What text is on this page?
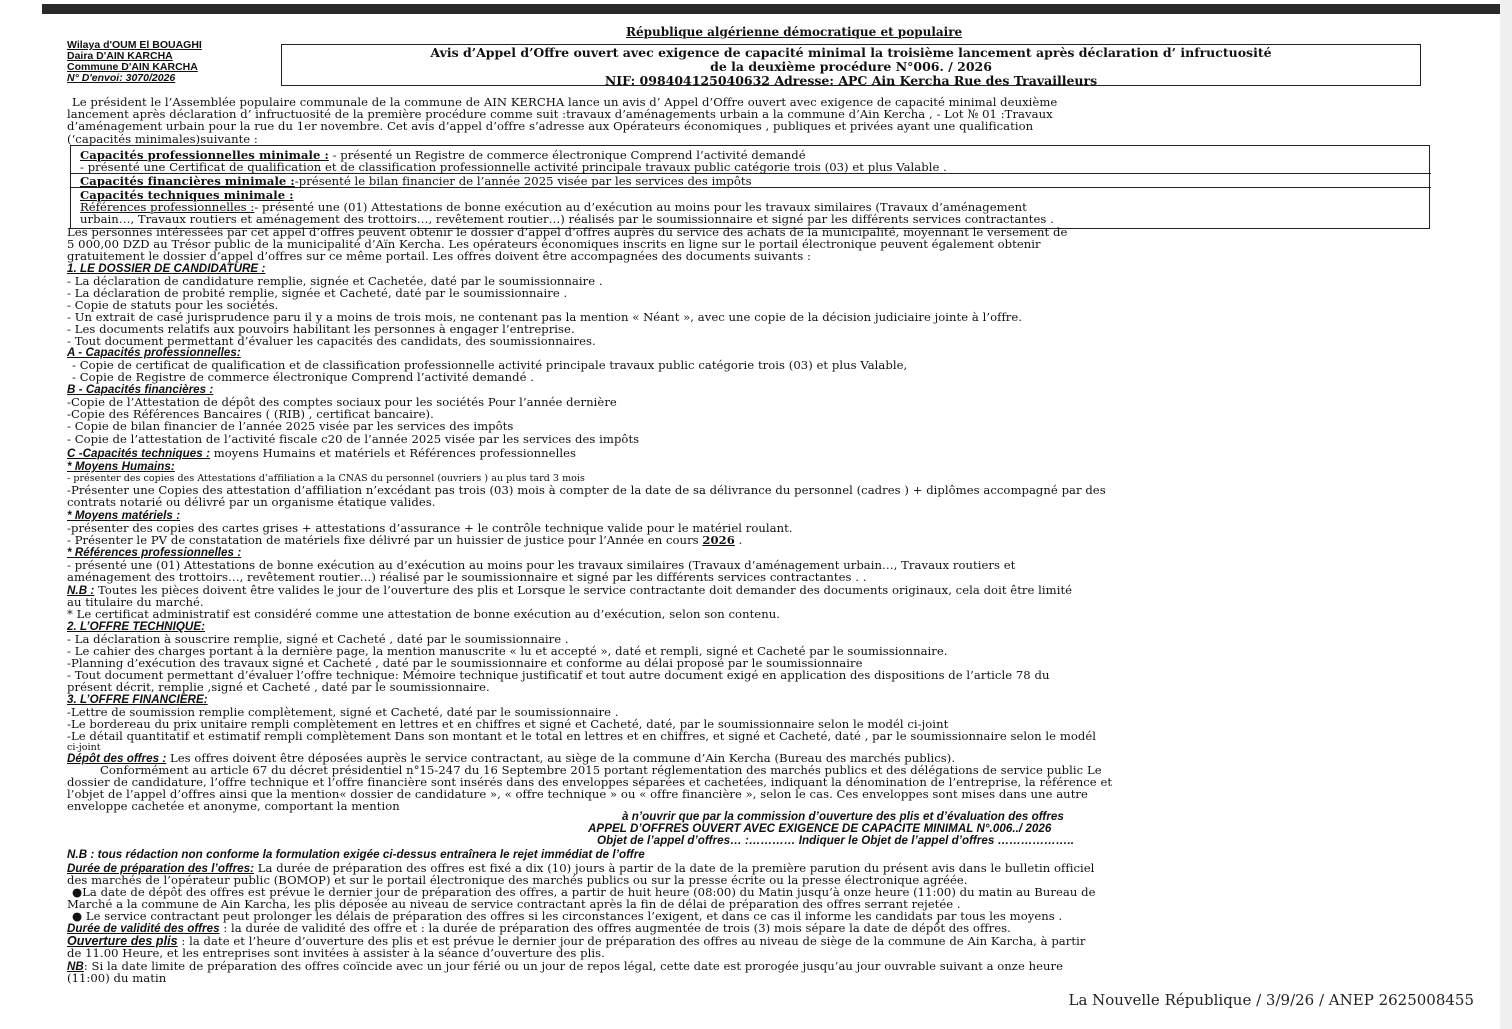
République algérienne démocratique et populaire
Wilaya d'OUM El BOUAGHI
Daira D'AIN KARCHA
Commune D'AIN KARCHA
N° D'envoi: 3070/2026
Avis d’Appel d’Offre ouvert avec exigence de capacité minimal la troisième lancement après déclaration d’ infructuosité
de la deuxième procédure N°006. / 2026
NIF: 098404125040632 Adresse: APC Ain Kercha Rue des Travailleurs
Le président le l’Assemblée populaire communale de la commune de AIN KERCHA lance un avis d’ Appel d’Offre ouvert avec exigence de capacité minimal deuxième
lancement après déclaration d’ infructuosité de la première procédure comme suit :travaux d’aménagements urbain a la commune d’Ain Kercha , - Lot № 01 :Travaux
d’aménagement urbain pour la rue du 1er novembre. Cet avis d’appel d’offre s’adresse aux Opérateurs économiques , publiques et privées ayant une qualification
(‘capacités minimales)suivante :
Capacités professionnelles minimale : - présenté un Registre de commerce électronique Comprend l’activité demandé
- présenté une Certificat de qualification et de classification professionnelle activité principale travaux public catégorie trois (03) et plus Valable .
Capacités financières minimale :-présenté le bilan financier de l’année 2025 visée par les services des impôts
Capacités techniques minimale :
Références professionnelles :- présenté une (01) Attestations de bonne exécution au d’exécution au moins pour les travaux similaires (Travaux d’aménagement
urbain…, Travaux routiers et aménagement des trottoirs…, revêtement routier…) réalisés par le soumissionnaire et signé par les différents services contractantes .
Les personnes intéressées par cet appel d’offres peuvent obtenir le dossier d’appel d’offres auprès du service des achats de la municipalité, moyennant le versement de
5 000,00 DZD au Trésor public de la municipalité d’Aïn Kercha. Les opérateurs économiques inscrits en ligne sur le portail électronique peuvent également obtenir
gratuitement le dossier d’appel d’offres sur ce même portail. Les offres doivent être accompagnées des documents suivants :
1. LE DOSSIER DE CANDIDATURE :
- La déclaration de candidature remplie, signée et Cachetée, daté par le soumissionnaire .
- La déclaration de probité remplie, signée et Cacheté, daté par le soumissionnaire .
- Copie de statuts pour les sociétés.
- Un extrait de casé jurisprudence paru il y a moins de trois mois, ne contenant pas la mention « Néant », avec une copie de la décision judiciaire jointe à l’offre.
- Les documents relatifs aux pouvoirs habilitant les personnes à engager l’entreprise.
- Tout document permettant d’évaluer les capacités des candidats, des soumissionnaires.
A - Capacités professionnelles:
- Copie de certificat de qualification et de classification professionnelle activité principale travaux public catégorie trois (03) et plus Valable,
- Copie de Registre de commerce électronique Comprend l’activité demandé .
B - Capacités financières :
-Copie de l’Attestation de dépôt des comptes sociaux pour les sociétés Pour l’année dernière
-Copie des Références Bancaires ( (RIB) , certificat bancaire).
- Copie de bilan financier de l’année 2025 visée par les services des impôts
- Copie de l’attestation de l’activité fiscale c20 de l’année 2025 visée par les services des impôts
C -Capacités techniques : moyens Humains et matériels et Références professionnelles
* Moyens Humains:
- présenter des copies des Attestations d’affiliation a la CNAS du personnel (ouvriers ) au plus tard 3 mois
-Présenter une Copies des attestation d’affiliation n’excédant pas trois (03) mois à compter de la date de sa délivrance du personnel (cadres ) + diplômes accompagné par des
contrats notarié ou délivré par un organisme étatique valides.
* Moyens matériels :
-présenter des copies des cartes grises + attestations d’assurance + le contrôle technique valide pour le matériel roulant.
- Présenter le PV de constatation de matériels fixe délivré par un huissier de justice pour l’Année en cours 2026 .
* Références professionnelles :
- présenté une (01) Attestations de bonne exécution au d’exécution au moins pour les travaux similaires (Travaux d’aménagement urbain…, Travaux routiers et
aménagement des trottoirs…, revêtement routier…) réalisé par le soumissionnaire et signé par les différents services contractantes . .
N.B : Toutes les pièces doivent être valides le jour de l’ouverture des plis et Lorsque le service contractante doit demander des documents originaux, cela doit être limité
au titulaire du marché.
* Le certificat administratif est considéré comme une attestation de bonne exécution au d’exécution, selon son contenu.
2. L’OFFRE TECHNIQUE:
- La déclaration à souscrire remplie, signé et Cacheté , daté par le soumissionnaire .
- Le cahier des charges portant à la dernière page, la mention manuscrite « lu et accepté », daté et rempli, signé et Cacheté par le soumissionnaire.
-Planning d’exécution des travaux signé et Cacheté , daté par le soumissionnaire et conforme au délai proposé par le soumissionnaire
- Tout document permettant d’évaluer l’offre technique: Mémoire technique justificatif et tout autre document exigé en application des dispositions de l’article 78 du
présent décrit, remplie ,signé et Cacheté , daté par le soumissionnaire.
3. L’OFFRE FINANCIERE:
-Lettre de soumission remplie complètement, signé et Cacheté, daté par le soumissionnaire .
-Le bordereau du prix unitaire rempli complètement en lettres et en chiffres et signé et Cacheté, daté, par le soumissionnaire selon le modél ci-joint
-Le détail quantitatif et estimatif rempli complètement Dans son montant et le total en lettres et en chiffres, et signé et Cacheté, daté , par le soumissionnaire selon le modél
ci-joint
Dépôt des offres : Les offres doivent être déposées auprès le service contractant, au siège de la commune d’Ain Kercha (Bureau des marchés publics).
Conformément au article 67 du décret présidentiel n°15-247 du 16 Septembre 2015 portant réglementation des marchés publics et des délégations de service public Le
dossier de candidature, l’offre technique et l’offre financière sont insérés dans des enveloppes séparées et cachetées, indiquant la dénomination de l’entreprise, la référence et
l’objet de l’appel d’offres ainsi que la mention« dossier de candidature », « offre technique » ou « offre financière », selon le cas. Ces enveloppes sont mises dans une autre
enveloppe cachetée et anonyme, comportant la mention
à n’ouvrir que par la commission d’ouverture des plis et d’évaluation des offres
APPEL D’OFFRES OUVERT AVEC EXIGENCE DE CAPACITE MINIMAL N°.006../ 2026
Objet de l’appel d’offres… :………… Indiquer le Objet de l’appel d’offres ………………..
N.B : tous rédaction non conforme la formulation exigée ci-dessus entraînera le rejet immédiat de l’offre
Durée de préparation des l’offres: La durée de préparation des offres est fixé a dix (10) jours à partir de la date de la première parution du présent avis dans le bulletin officiel
des marchés de l’opérateur public (BOMOP) et sur le portail électronique des marchés publics ou sur la presse écrite ou la presse électronique agréée.
●La date de dépôt des offres est prévue le dernier jour de préparation des offres, a partir de huit heure (08:00) du Matin jusqu’à onze heure (11:00) du matin au Bureau de
Marché a la commune de Ain Karcha, les plis déposée au niveau de service contractant après la fin de délai de préparation des offres serrant rejetée .
● Le service contractant peut prolonger les délais de préparation des offres si les circonstances l’exigent, et dans ce cas il informe les candidats par tous les moyens .
Durée de validité des offres : la durée de validité des offre et : la durée de préparation des offres augmentée de trois (3) mois sépare la date de dépôt des offres.
Ouverture des plis : la date et l’heure d’ouverture des plis et est prévue le dernier jour de préparation des offres au niveau de siège de la commune de Ain Karcha, à partir
de 11.00 Heure, et les entreprises sont invitées à assister à la séance d’ouverture des plis.
NB: Si la date limite de préparation des offres coïncide avec un jour férié ou un jour de repos légal, cette date est prorogée jusqu’au jour ouvrable suivant a onze heure
(11:00) du matin
La Nouvelle République / 3/9/26 / ANEP 2625008455
